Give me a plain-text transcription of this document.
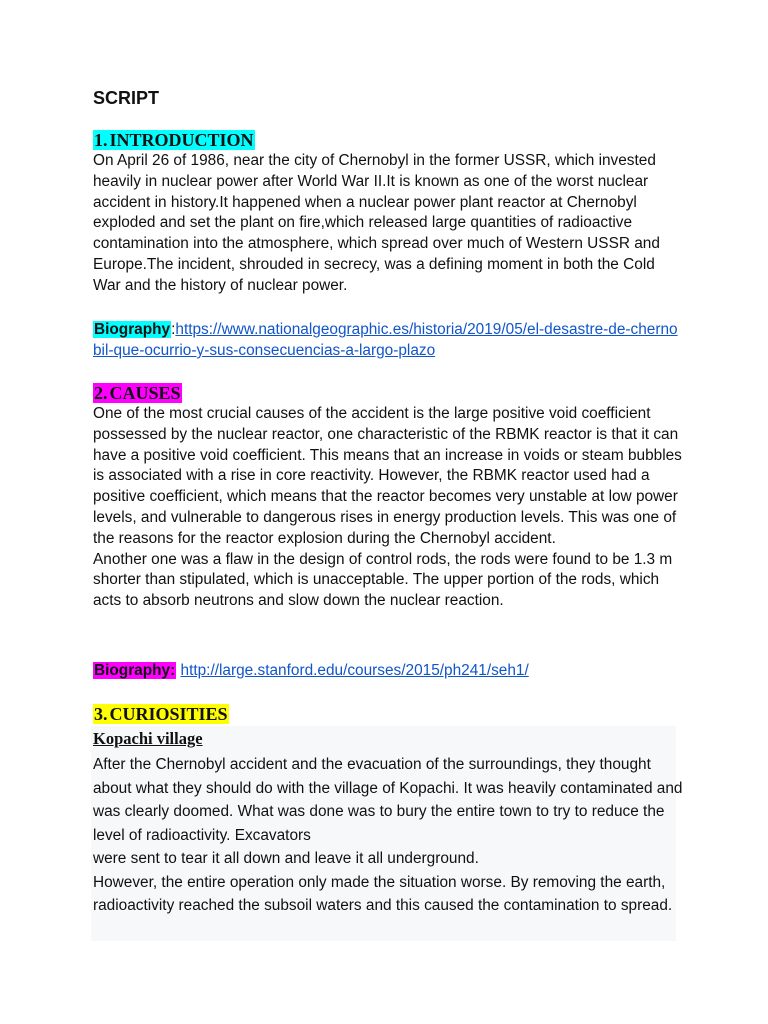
SCRIPT
1. INTRODUCTION

On April 26 of 1986, near the city of Chernobyl in the former USSR, which invested heavily in nuclear power after World War II.It is known as one of the worst nuclear accident in history.It happened when a nuclear power plant reactor at Chernobyl exploded and set the plant on fire,which released large quantities of radioactive contamination into the atmosphere, which spread over much of Western USSR and Europe.The incident, shrouded in secrecy, was a defining moment in both the Cold War and the history of nuclear power.

Biography:https://www.nationalgeographic.es/historia/2019/05/el-desastre-de-chernobil-que-ocurrio-y-sus-consecuencias-a-largo-plazo

2. CAUSES

One of the most crucial causes of the accident is the large positive void coefficient possessed by the nuclear reactor, one characteristic of the RBMK reactor is that it can have a positive void coefficient. This means that an increase in voids or steam bubbles is associated with a rise in core reactivity. However, the RBMK reactor used had a positive coefficient, which means that the reactor becomes very unstable at low power levels, and vulnerable to dangerous rises in energy production levels. This was one of the reasons for the reactor explosion during the Chernobyl accident.

Another one was a flaw in the design of control rods, the rods were found to be 1.3 m shorter than stipulated, which is unacceptable. The upper portion of the rods, which acts to absorb neutrons and slow down the nuclear reaction.

Biography: http://large.stanford.edu/courses/2015/ph241/seh1/

3. CURIOSITIES
Kopachi village

After the Chernobyl accident and the evacuation of the surroundings, they thought about what they should do with the village of Kopachi. It was heavily contaminated and was clearly doomed. What was done was to bury the entire town to try to reduce the level of radioactivity. Excavators

were sent to tear it all down and leave it all underground.

However, the entire operation only made the situation worse. By removing the earth, radioactivity reached the subsoil waters and this caused the contamination to spread.
